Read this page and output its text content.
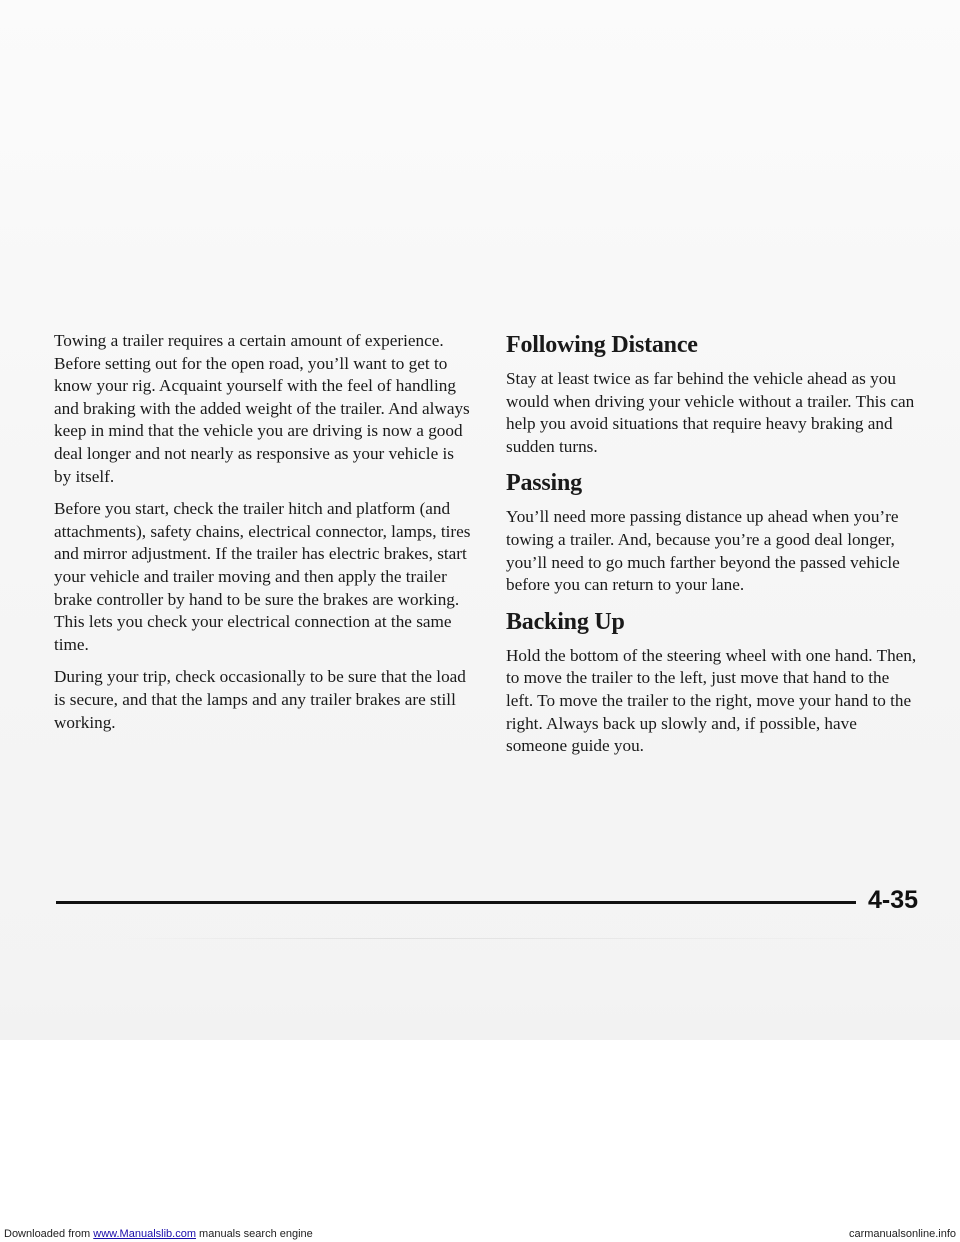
Towing a trailer requires a certain amount of experience. Before setting out for the open road, you’ll want to get to know your rig. Acquaint yourself with the feel of handling and braking with the added weight of the trailer. And always keep in mind that the vehicle you are driving is now a good deal longer and not nearly as responsive as your vehicle is by itself.

Before you start, check the trailer hitch and platform (and attachments), safety chains, electrical connector, lamps, tires and mirror adjustment. If the trailer has electric brakes, start your vehicle and trailer moving and then apply the trailer brake controller by hand to be sure the brakes are working. This lets you check your electrical connection at the same time.

During your trip, check occasionally to be sure that the load is secure, and that the lamps and any trailer brakes are still working.

Following Distance

Stay at least twice as far behind the vehicle ahead as you would when driving your vehicle without a trailer. This can help you avoid situations that require heavy braking and sudden turns.

Passing

You’ll need more passing distance up ahead when you’re towing a trailer. And, because you’re a good deal longer, you’ll need to go much farther beyond the passed vehicle before you can return to your lane.

Backing Up

Hold the bottom of the steering wheel with one hand. Then, to move the trailer to the left, just move that hand to the left. To move the trailer to the right, move your hand to the right. Always back up slowly and, if possible, have someone guide you.

4-35
Downloaded from www.Manualslib.com manuals search engine	carmanualsonline.info
